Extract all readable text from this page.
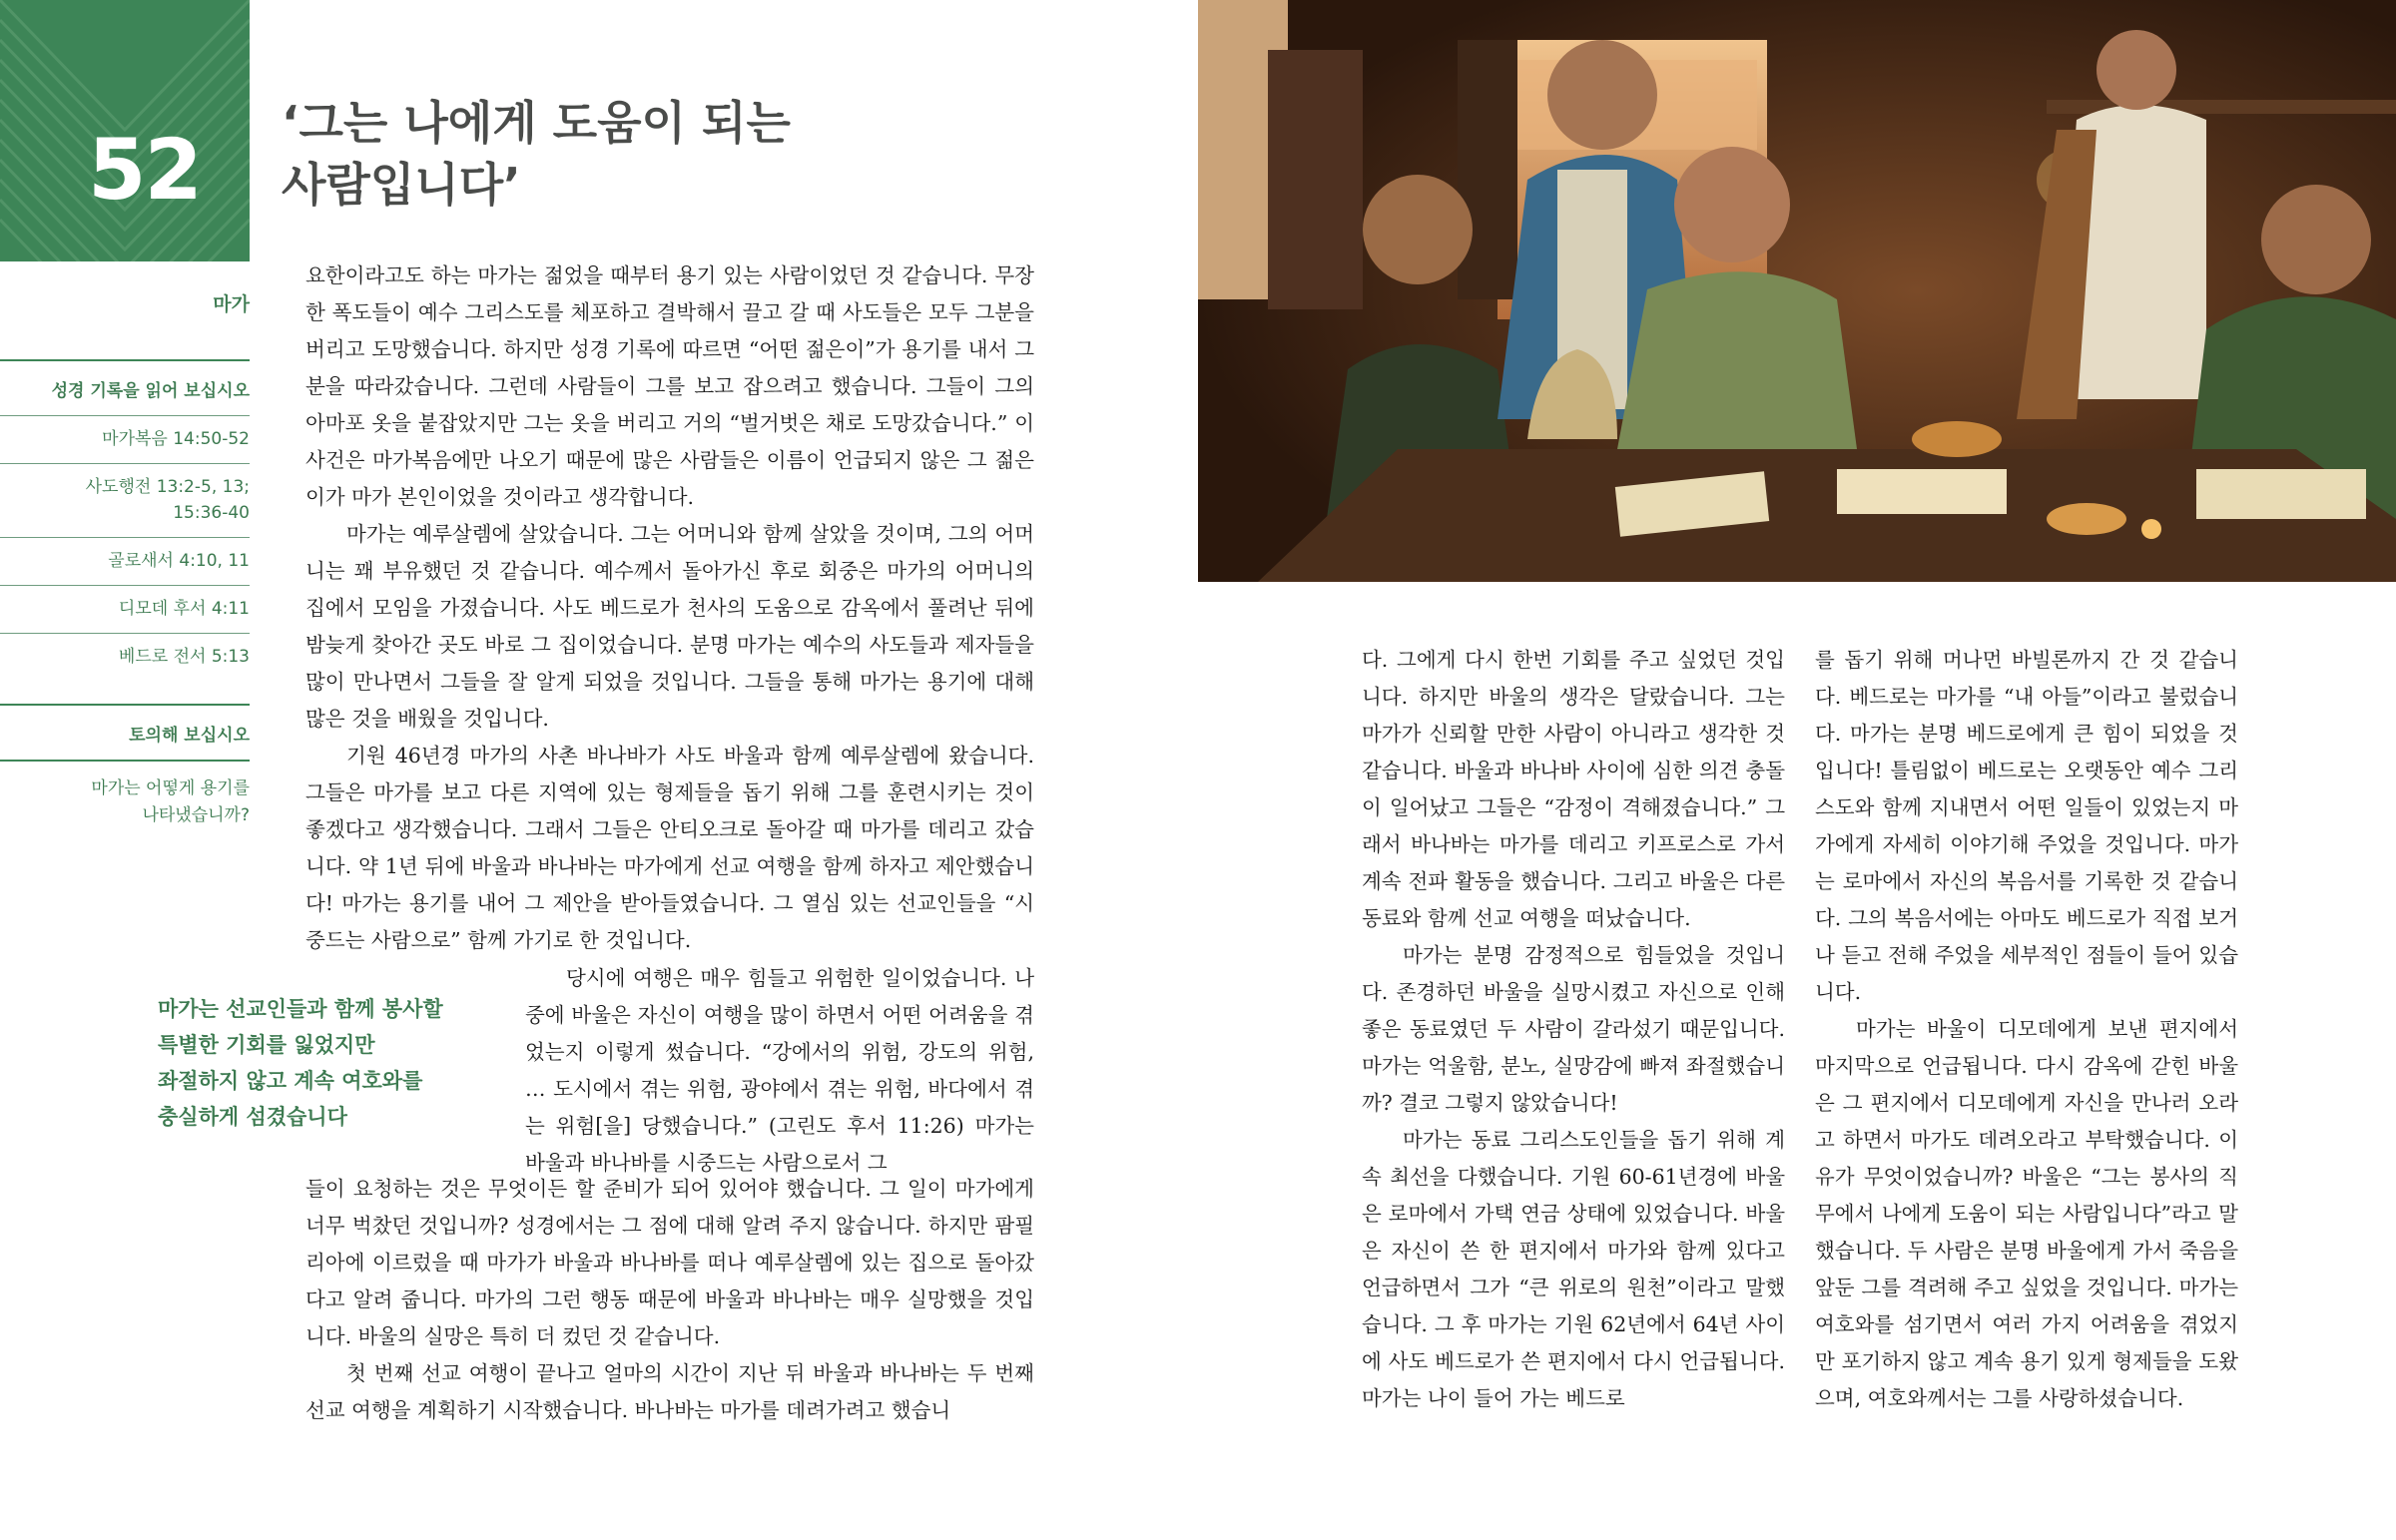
52 ‘그는 나에게 도움이 되는
사람입니다’
마가
성경 기록을 읽어 보십시오
마가복음 14:50-52
사도행전 13:2-5, 13;
15:36-40
골로새서 4:10, 11
디모데 후서 4:11
베드로 전서 5:13
토의해 보십시오
마가는 어떻게 용기를
나타냈습니까?

요한이라고도 하는 마가는 젊었을 때부터 용기 있는 사람이었던 것 같습니다. 무장한 폭도들이 예수 그리스도를 체포하고 결박해서 끌고 갈 때 사도들은 모두 그분을 버리고 도망했습니다. 하지만 성경 기록에 따르면 “어떤 젊은이”가 용기를 내서 그분을 따라갔습니다. 그런데 사람들이 그를 보고 잡으려고 했습니다. 그들이 그의 아마포 옷을 붙잡았지만 그는 옷을 버리고 거의 “벌거벗은 채로 도망갔습니다.” 이 사건은 마가복음에만 나오기 때문에 많은 사람들은 이름이 언급되지 않은 그 젊은이가 마가 본인이었을 것이라고 생각합니다.

마가는 예루살렘에 살았습니다. 그는 어머니와 함께 살았을 것이며, 그의 어머니는 꽤 부유했던 것 같습니다. 예수께서 돌아가신 후로 회중은 마가의 어머니의 집에서 모임을 가졌습니다. 사도 베드로가 천사의 도움으로 감옥에서 풀려난 뒤에 밤늦게 찾아간 곳도 바로 그 집이었습니다. 분명 마가는 예수의 사도들과 제자들을 많이 만나면서 그들을 잘 알게 되었을 것입니다. 그들을 통해 마가는 용기에 대해 많은 것을 배웠을 것입니다.

기원 46년경 마가의 사촌 바나바가 사도 바울과 함께 예루살렘에 왔습니다. 그들은 마가를 보고 다른 지역에 있는 형제들을 돕기 위해 그를 훈련시키는 것이 좋겠다고 생각했습니다. 그래서 그들은 안티오크로 돌아갈 때 마가를 데리고 갔습니다. 약 1년 뒤에 바울과 바나바는 마가에게 선교 여행을 함께 하자고 제안했습니다! 마가는 용기를 내어 그 제안을 받아들였습니다. 그 열심 있는 선교인들을 “시중드는 사람으로” 함께 가기로 한 것입니다.

당시에 여행은 매우 힘들고 위험한 일이었습니다. 나중에 바울은 자신이 여행을 많이 하면서 어떤 어려움을 겪었는지 이렇게 썼습니다. “강에서의 위험, 강도의 위험, … 도시에서 겪는 위험, 광야에서 겪는 위험, 바다에서 겪는 위험[을] 당했습니다.” (고린도 후서 11:26) 마가는 바울과 바나바를 시중드는 사람으로서 그

들이 요청하는 것은 무엇이든 할 준비가 되어 있어야 했습니다. 그 일이 마가에게 너무 벅찼던 것입니까? 성경에서는 그 점에 대해 알려 주지 않습니다. 하지만 팜필리아에 이르렀을 때 마가가 바울과 바나바를 떠나 예루살렘에 있는 집으로 돌아갔다고 알려 줍니다. 마가의 그런 행동 때문에 바울과 바나바는 매우 실망했을 것입니다. 바울의 실망은 특히 더 컸던 것 같습니다.

첫 번째 선교 여행이 끝나고 얼마의 시간이 지난 뒤 바울과 바나바는 두 번째 선교 여행을 계획하기 시작했습니다. 바나바는 마가를 데려가려고 했습니

마가는 선교인들과 함께 봉사할
특별한 기회를 잃었지만
좌절하지 않고 계속 여호와를
충실하게 섬겼습니다

다. 그에게 다시 한번 기회를 주고 싶었던 것입니다. 하지만 바울의 생각은 달랐습니다. 그는 마가가 신뢰할 만한 사람이 아니라고 생각한 것 같습니다. 바울과 바나바 사이에 심한 의견 충돌이 일어났고 그들은 “감정이 격해졌습니다.” 그래서 바나바는 마가를 데리고 키프로스로 가서 계속 전파 활동을 했습니다. 그리고 바울은 다른 동료와 함께 선교 여행을 떠났습니다.

마가는 분명 감정적으로 힘들었을 것입니다. 존경하던 바울을 실망시켰고 자신으로 인해 좋은 동료였던 두 사람이 갈라섰기 때문입니다. 마가는 억울함, 분노, 실망감에 빠져 좌절했습니까? 결코 그렇지 않았습니다!

마가는 동료 그리스도인들을 돕기 위해 계속 최선을 다했습니다. 기원 60-61년경에 바울은 로마에서 가택 연금 상태에 있었습니다. 바울은 자신이 쓴 한 편지에서 마가와 함께 있다고 언급하면서 그가 “큰 위로의 원천”이라고 말했습니다. 그 후 마가는 기원 62년에서 64년 사이에 사도 베드로가 쓴 편지에서 다시 언급됩니다. 마가는 나이 들어 가는 베드로

를 돕기 위해 머나먼 바빌론까지 간 것 같습니다. 베드로는 마가를 “내 아들”이라고 불렀습니다. 마가는 분명 베드로에게 큰 힘이 되었을 것입니다! 틀림없이 베드로는 오랫동안 예수 그리스도와 함께 지내면서 어떤 일들이 있었는지 마가에게 자세히 이야기해 주었을 것입니다. 마가는 로마에서 자신의 복음서를 기록한 것 같습니다. 그의 복음서에는 아마도 베드로가 직접 보거나 듣고 전해 주었을 세부적인 점들이 들어 있습니다.

마가는 바울이 디모데에게 보낸 편지에서 마지막으로 언급됩니다. 다시 감옥에 갇힌 바울은 그 편지에서 디모데에게 자신을 만나러 오라고 하면서 마가도 데려오라고 부탁했습니다. 이유가 무엇이었습니까? 바울은 “그는 봉사의 직무에서 나에게 도움이 되는 사람입니다”라고 말했습니다. 두 사람은 분명 바울에게 가서 죽음을 앞둔 그를 격려해 주고 싶었을 것입니다. 마가는 여호와를 섬기면서 여러 가지 어려움을 겪었지만 포기하지 않고 계속 용기 있게 형제들을 도왔으며, 여호와께서는 그를 사랑하셨습니다.
